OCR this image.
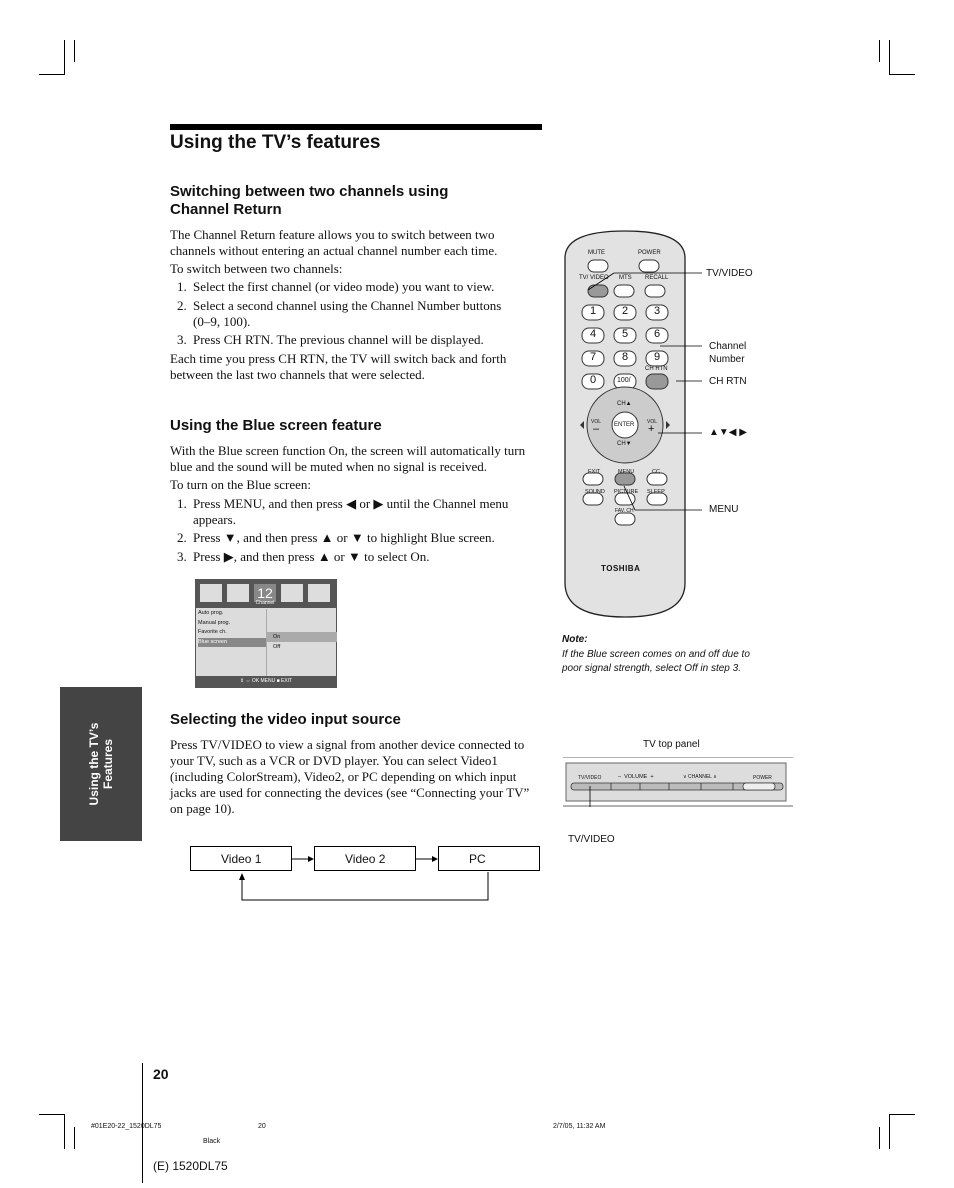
Using the TV’s features
Using the TV’s Features
Switching between two channels using Channel Return
The Channel Return feature allows you to switch between two channels without entering an actual channel number each time.
To switch between two channels:
1. Select the first channel (or video mode) you want to view.
2. Select a second channel using the Channel Number buttons (0–9, 100).
3. Press CH RTN. The previous channel will be displayed.
Each time you press CH RTN, the TV will switch back and forth between the last two channels that were selected.
Using the Blue screen feature
With the Blue screen function On, the screen will automatically turn blue and the sound will be muted when no signal is received.
To turn on the Blue screen:
1. Press MENU, and then press ◀ or ▶ until the Channel menu appears.
2. Press ▼, and then press ▲ or ▼ to highlight Blue screen.
3. Press ▶, and then press ▲ or ▼ to select On.
12
Channel
Auto prog.
Manual prog.
Favorite ch.
Blue screen
On
Off
⇕ ⇔ OK MENU ■ EXIT
Selecting the video input source
Press TV/VIDEO to view a signal from another device connected to your TV, such as a VCR or DVD player. You can select Video1 (including ColorStream), Video2, or PC depending on which input jacks are used for connecting the devices (see “Connecting your TV” on page 10).
Video 1	Video 2	PC
MUTE	POWER
TV/ VIDEO MTS RECALL
1 2 3
4 5 6
7 8 9
0	100/
CH RTN
CH▲
CH▼
VOL
–
VOL
+
ENTER
EXIT	MENU	CC
SOUND PICTURE SLEEP
FAV. CH
TOSHIBA
TV/VIDEO
Channel Number
CH RTN
▲▼◀ ▶
MENU
Note:
If the Blue screen comes on and off due to poor signal strength, select Off in step 3.
TV top panel
TV/VIDEO	–  VOLUME  +	∨ CHANNEL ∧	POWER
TV/VIDEO
20
#01E20-22_1520DL75	20	2/7/05, 11:32 AM
Black
(E) 1520DL75
